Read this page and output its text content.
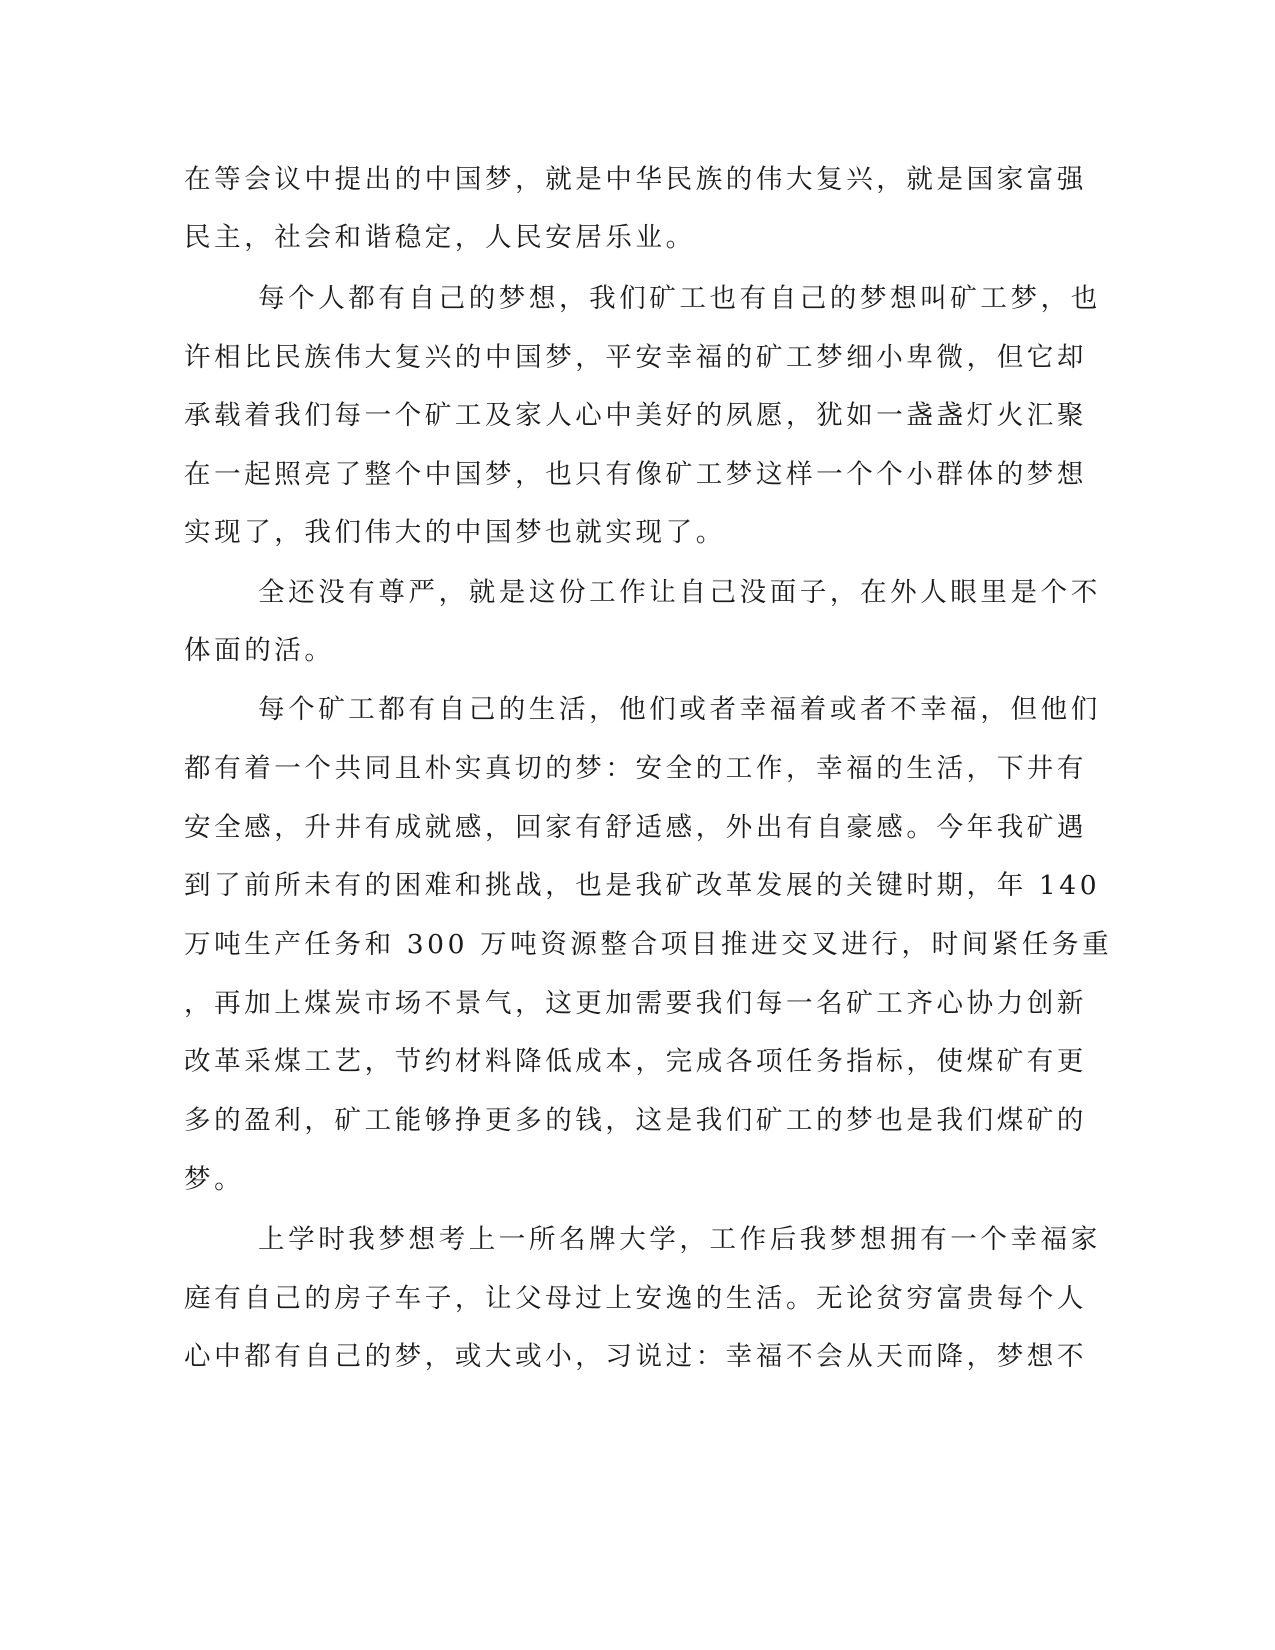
在等会议中提出的中国梦，就是中华民族的伟大复兴，就是国家富强
民主，社会和谐稳定，人民安居乐业。
每个人都有自己的梦想，我们矿工也有自己的梦想叫矿工梦，也
许相比民族伟大复兴的中国梦，平安幸福的矿工梦细小卑微，但它却
承载着我们每一个矿工及家人心中美好的夙愿，犹如一盏盏灯火汇聚
在一起照亮了整个中国梦，也只有像矿工梦这样一个个小群体的梦想
实现了，我们伟大的中国梦也就实现了。
全还没有尊严，就是这份工作让自己没面子，在外人眼里是个不
体面的活。
每个矿工都有自己的生活，他们或者幸福着或者不幸福，但他们
都有着一个共同且朴实真切的梦：安全的工作，幸福的生活，下井有
安全感，升井有成就感，回家有舒适感，外出有自豪感。今年我矿遇
到了前所未有的困难和挑战，也是我矿改革发展的关键时期，年 140
万吨生产任务和 300 万吨资源整合项目推进交叉进行，时间紧任务重
，再加上煤炭市场不景气，这更加需要我们每一名矿工齐心协力创新
改革采煤工艺，节约材料降低成本，完成各项任务指标，使煤矿有更
多的盈利，矿工能够挣更多的钱，这是我们矿工的梦也是我们煤矿的
梦。
上学时我梦想考上一所名牌大学，工作后我梦想拥有一个幸福家
庭有自己的房子车子，让父母过上安逸的生活。无论贫穷富贵每个人
心中都有自己的梦，或大或小，习说过：幸福不会从天而降，梦想不
